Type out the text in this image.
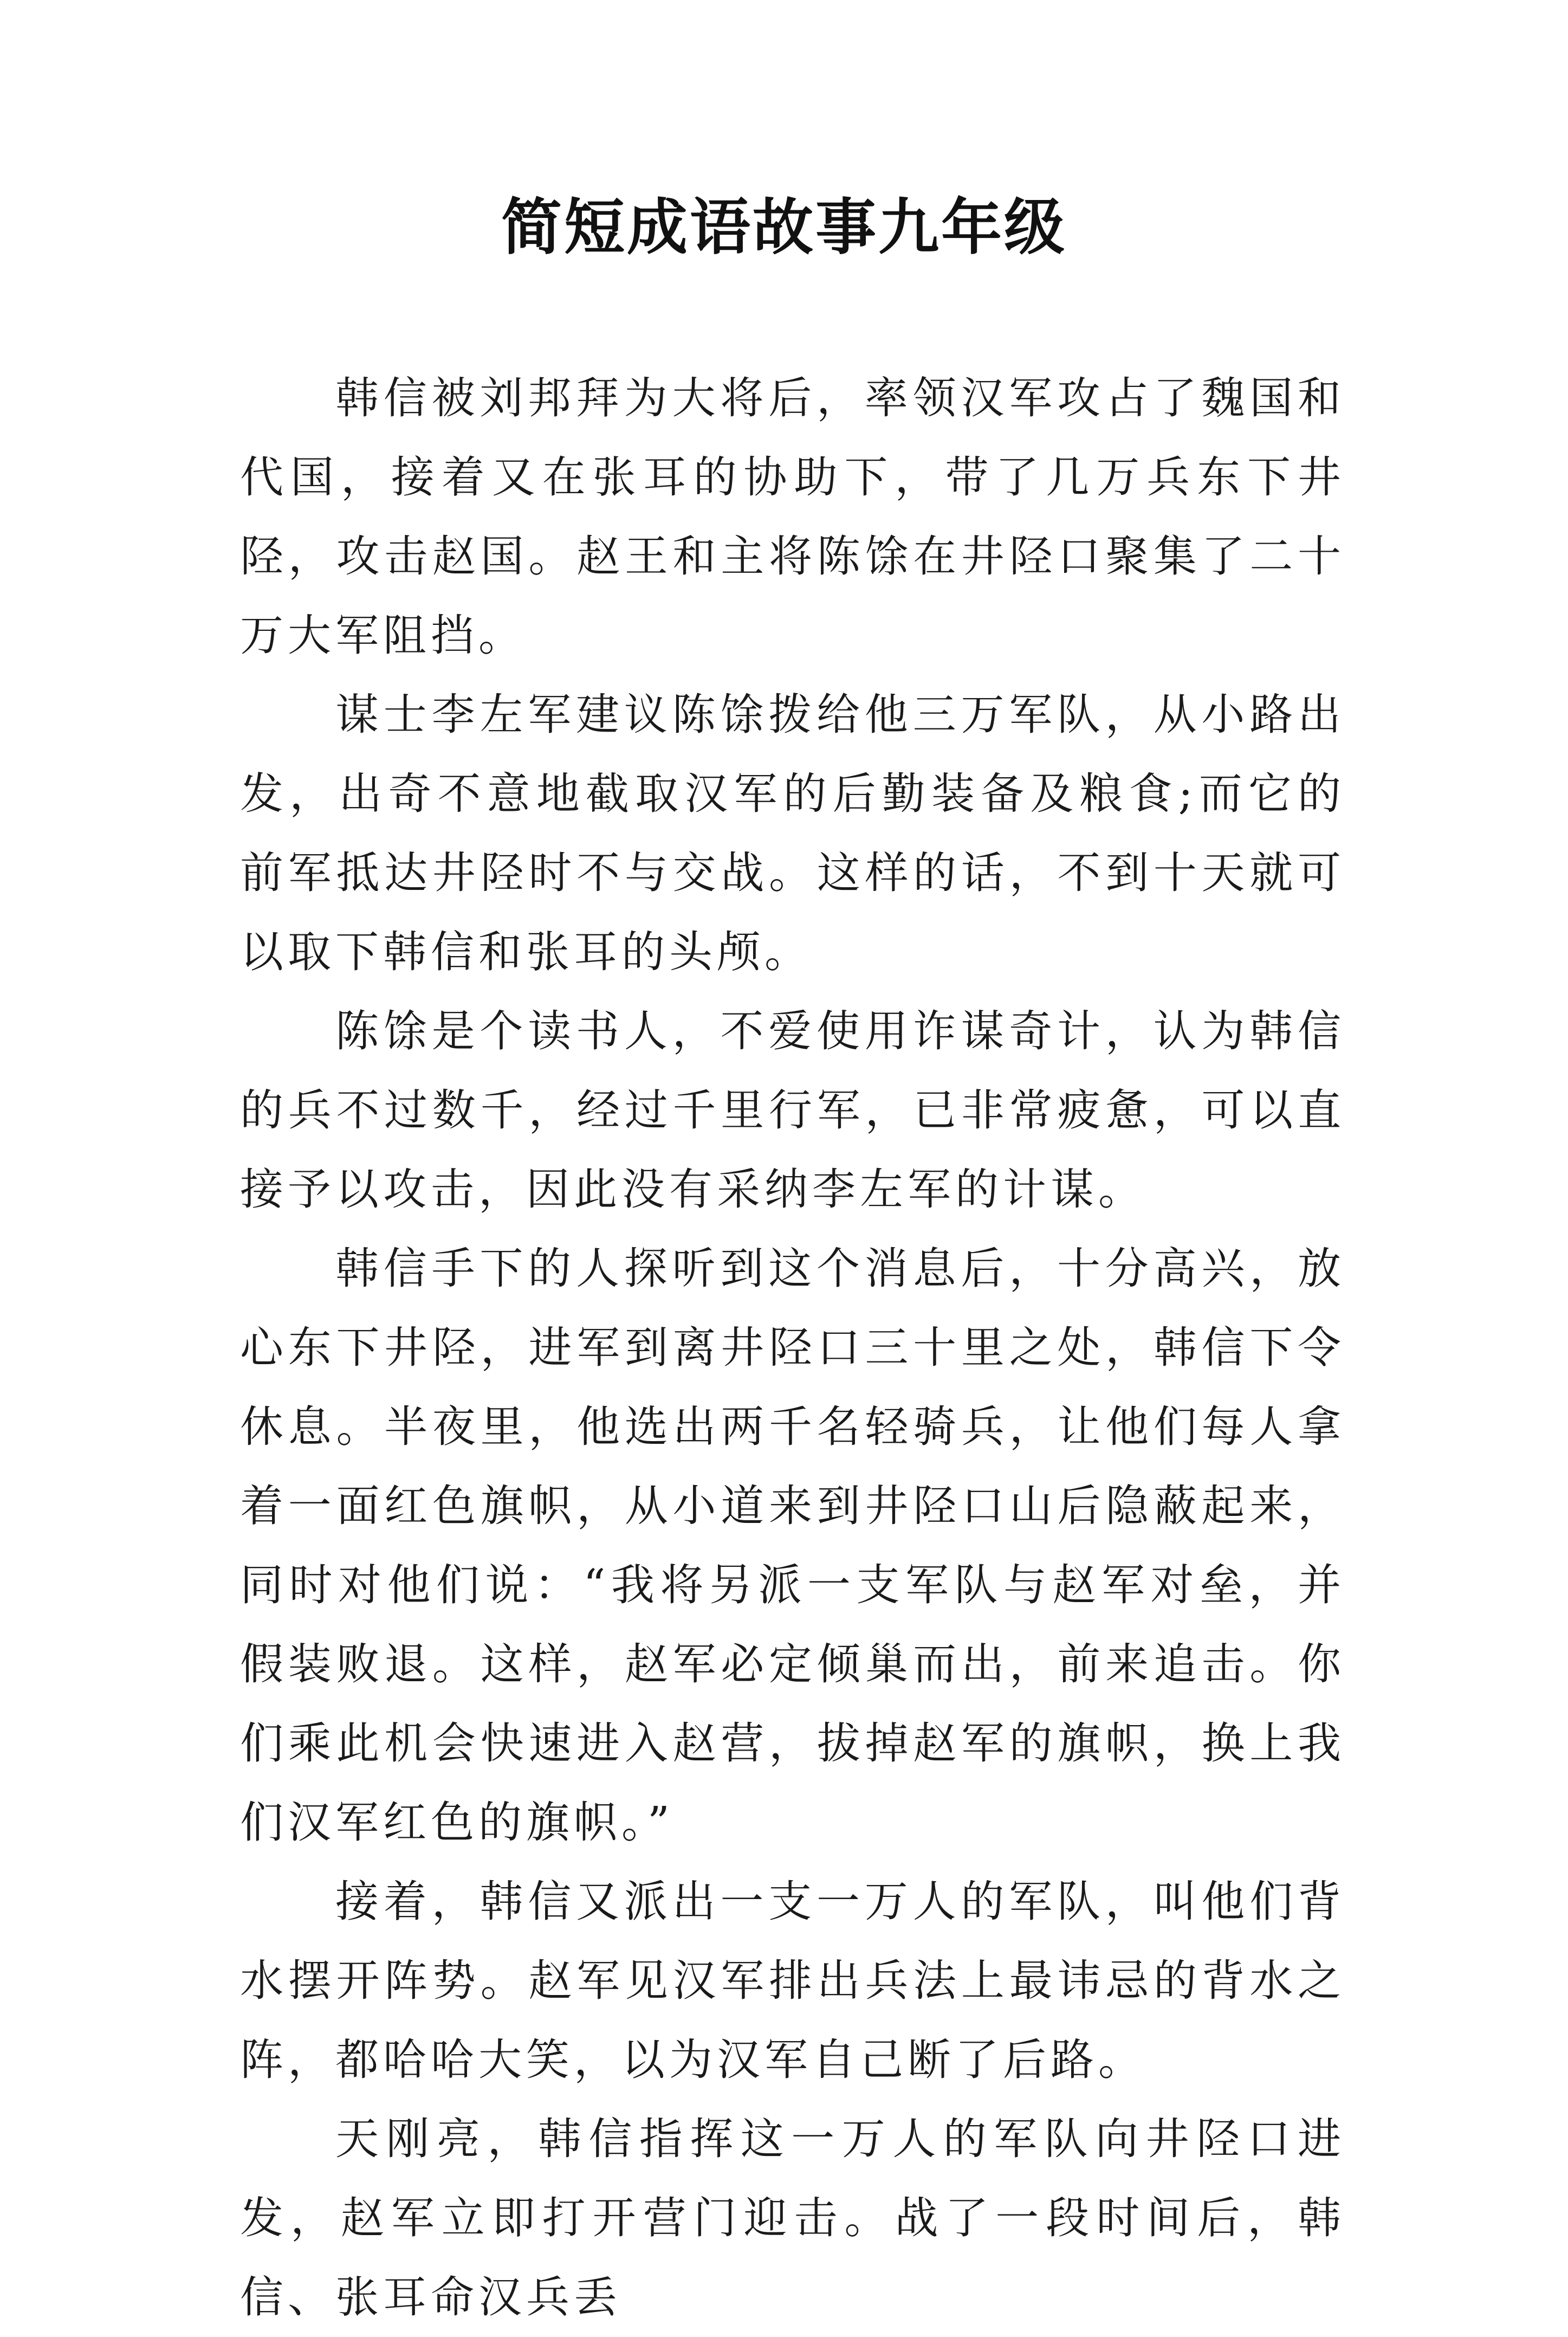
简短成语故事九年级

韩信被刘邦拜为大将后，率领汉军攻占了魏国和代国，接着又在张耳的协助下，带了几万兵东下井陉，攻击赵国。赵王和主将陈馀在井陉口聚集了二十万大军阻挡。

谋士李左军建议陈馀拨给他三万军队，从小路出发，出奇不意地截取汉军的后勤装备及粮食;而它的前军抵达井陉时不与交战。这样的话，不到十天就可以取下韩信和张耳的头颅。

陈馀是个读书人，不爱使用诈谋奇计，认为韩信的兵不过数千，经过千里行军，已非常疲惫，可以直接予以攻击，因此没有采纳李左军的计谋。

韩信手下的人探听到这个消息后，十分高兴，放心东下井陉，进军到离井陉口三十里之处，韩信下令休息。半夜里，他选出两千名轻骑兵，让他们每人拿着一面红色旗帜，从小道来到井陉口山后隐蔽起来，同时对他们说：“我将另派一支军队与赵军对垒，并假装败退。这样，赵军必定倾巢而出，前来追击。你们乘此机会快速进入赵营，拔掉赵军的旗帜，换上我们汉军红色的旗帜。”

接着，韩信又派出一支一万人的军队，叫他们背水摆开阵势。赵军见汉军排出兵法上最讳忌的背水之阵，都哈哈大笑，以为汉军自己断了后路。

天刚亮，韩信指挥这一万人的军队向井陉口进发，赵军立即打开营门迎击。战了一段时间后，韩信、张耳命汉兵丢
